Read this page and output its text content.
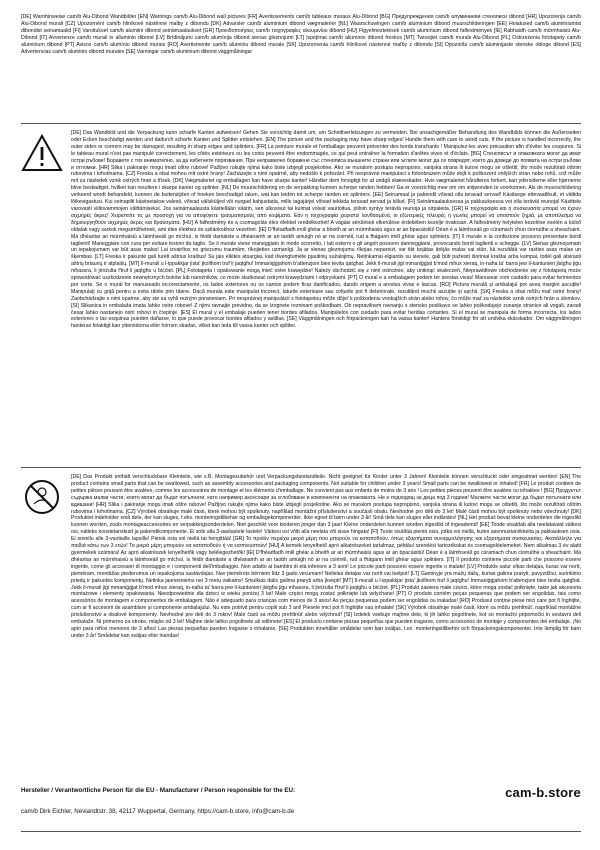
[DE] Warnhinweise cam/b Alu-Dibond Wandbilder [EN] Warnings cam/b Alu-Dibond wall pictures [FR] Avertissements cam/b tableaux muraux Alu-Dibond [BG] Предупреждения cam/b алуминиеви стенописи dibond [HR] Upozorenja cam/b Alu-Dibond murali [CZ] Upozornění cam/b hliníkové nástěnné malby z dibondu [DK] Advarsler cam/b aluminium dibond vægmalerier [NL] Waarschuwingen cam/b aluminium dibond muurschilderingen [EE] Hoiatused cam/b alumiiniumist dibondist seinamaalid [FI] Varoitukset cam/b alumiini dibond seinämaalaukset [GR] Προειδοποιήσεις cam/b τοιχογραφίες αλουμινίου dibond [HU] Figyelmeztetések cam/b alumínium dibond falfestmények [IE] Rabhaidh cam/b múrmhaisiú Alu-Dibond [IT] Avvertenze cam/b murali in alluminio dibond [LV] Brīdinājumi cam/b alumīnija dibond sienas gleznojumi [LT] Įspėjimai cam/b aliuminio dibond freskos [MT] Twissijiet cam/b murals Alu-Dibond [PL] Ostrzeżenia fototapety cam/b aluminium dibond [PT] Avisos cam/b alumínio dibond murais [RO] Avertismente cam/b aluminiu dibond murale [SK] Upozornenia cam/b hliníkové nástenné maľby z dibondu [SI] Opozorila cam/b aluminijaste stenske obloge dibond [ES] Advertencias cam/b aluminio dibond murales [SE] Varningar cam/b aluminium dibond väggmålningar

[DE] Das Wandbild und die Verpackung kann scharfe Kanten aufweisen! Gehen Sie vorsichtig damit um, um Schnittverletzungen zu vermeiden. Bei unsachgemäßer Behandlung des Wandbilds können die Außenseiten oder Ecken beschädigt werden und dadurch scharfe Kanten und Splitter entstehen. [EN] The picture and the packaging may have sharp edges! Handle them with care to avoid cuts. If the picture is handled incorrectly, the outer sides or corners may be damaged, resulting in sharp edges and splinters. [FR] La peinture murale et l'emballage peuvent présenter des bords tranchants ! Manipulez-les avec précaution afin d'éviter les coupures. Si le tableau mural n'est pas manipulé correctement, les côtés extérieurs ou les coins peuvent être endommagés, ce qui peut entraîner la formation d'arêtes vives et d'éclats. [BG] Стенописът и опаковката могат да имат остри ръбове! Боравете с тях внимателно, за да избегнете порязвания. При неправилно боравене със стенописа външните страни или ъглите могат да се повредят, което да доведе до появата на остри ръбове и отломки. [HR] Slika i pakiranje mogu imati oštre rubove! Pažljivo rukujte njima kako biste izbjegli posjekotine. Ako se muralom postupa nepropisno, vanjska strana ili kutovi mogu se oštetiti, što može rezultirati oštrim rubovima i krhotinama. [CZ] Freska a obal mohou mít ostré hrany! Zacházejte s nimi opatrně, aby nedošlo k pořezání. Při nesprávné manipulaci s fotoobrazem může dojít k poškození vnějších stran nebo rohů, což může mít za následek vznik ostrých hran a třísek. [DK] Vægmaleriet og emballagen kan have skarpe kanter! Håndter dem forsigtigt for at undgå skæreskader. Hvis vægmaleriet håndteres forkert, kan ydersiderne eller hjørnerne blive beskadiget, hvilket kan resultere i skarpe kanter og splinter. [NL] De muurschildering en de verpakking kunnen scherpe randen hebben! Ga er voorzichtig mee om om snijwonden te voorkomen. Als de muurschildering verkeerd wordt behandeld, kunnen de buitenzijden of hoeken beschadigd raken, wat kan leiden tot scherpe randen en splinters. [EE] Seinamaal ja pakendil võivad olla teravad servad! Käsitsege ettevaatlikult, et vältida lõikevigastusi. Kui seinapilti käsitsetakse valesti, võivad välisküljed või nurgad kahjustada, mille tagajärjel võivad tekkida teravad servad ja killud. [FI] Seinämaalauksessa ja pakkauksessa voi olla teräviä reunoja! Käsittele varovasti viiltovammojen välttämiseksi. Jos seinämaalausta käsitellään väärin, sen ulkosivut tai kulmat voivat vaurioitua, jolloin syntyy teräviä reunoja ja sirpaleita. [GR] Η τοιχογραφία και η συσκευασία μπορεί να έχουν αιχμηρές άκρες! Χειριστείτε τις με προσοχή για να αποφύγετε τραυματισμούς από κοψίματα. Εάν η τοιχογραφία χειριστεί λανθασμένα, οι εξωτερικές πλευρές ή γωνίες μπορεί να υποστούν ζημιά, με αποτέλεσμα να δημιουργηθούν αιχμηρές άκρες και θραύσματα. [HU] A falfestmény és a csomagolás éles élekkel rendelkezhet! A vágási sérülések elkerülése érdekében kezelje óvatosan. A falfestmény helytelen kezelése esetén a külső oldalak vagy sarkok megsérülhetnek, ami éles élekhez és szilánkokhoz vezethet. [IE] D'fhéadfadh imill ghéar a bheith ar an múrmhaisiú agus ar an bpacáistiú! Déan é a láimhseáil go cúramach chun ciorruithe a sheachaint. Má dhéantar an múrmhaisiú a láimhseáil go míchuí, is féidir damáiste a dhéanamh ar an taobh amuigh nó ar na coirnéil, rud a fhágann imill ghéar agus splinters. [IT] Il murale e la confezione possono presentare bordi taglienti! Maneggiare con cura per evitare lesioni da taglio. Se il murale viene maneggiato in modo scorretto, i lati esterni o gli angoli possono danneggiarsi, provocando bordi taglienti e schegge. [LV] Sienas gleznojumam un iepakojumam var būt asas malas! Lai izvairītos no griezumu traumām, rīkojieties uzmanīgi. Ja ar sienas gleznojumu rīkojas nepareizi, var tikt bojātas ārējās malas vai stūri, kā rezultātā var rasties asas malas un šķembas. [LT] Freska ir pakuotė gali turėti aštrius kraštus! Su jais elkitės atsargiai, kad išvengtumėte pjautinių sužalojimų. Netinkamai elgiantis su sienele, gali būti pažeisti išoriniai kraštai arba kampai, todėl gali atsirasti aštrių briaunų ir atplaišų. [MT] Il-murali u l-ippakkjar jista' jkollhom truf li jaqtgħu! Immaniġġjahom b'attenzjoni biex tevita qatgħat. Jekk il-murali jiġi mmaniġġjat b'mod mhux xieraq, in-naħa ta' barra jew il-kantunieri jistgħu jiġu mħassra, li jirriżulta f'truf li jaqtgħu u biċċiet. [PL] Fototapeta i opakowanie mogą mieć ostre krawędzie! Należy obchodzić się z nimi ostrożnie, aby uniknąć skaleczeń. Nieprawidłowe obchodzenie się z fototapetą może spowodować uszkodzenie zewnętrznych boków lub narożników, co może skutkować ostrymi krawędziami i odpryskami. [PT] O mural e a embalagem podem ter arestas vivas! Manusear com cuidado para evitar ferimentos por corte. Se o mural for manuseado incorrectamente, os lados exteriores ou os cantos podem ficar danificados, dando origem a arestas vivas e lascas. [RO] Pictura murală și ambalajul pot avea margini ascuțite! Manipulați cu grijă pentru a evita rănile prin tăiere. Dacă murala este manipulat incorect, laturile exterioare sau colțurile pot fi deteriorate, rezultând muchii ascuțite și așchii. [SK] Freska a obal môžu mať ostré hrany! Zaobchádzajte s nimi opatrne, aby ste sa vyhli rezným poraneniam. Pri nesprávnej manipulácii s fototapetou môže dôjsť k poškodeniu vonkajších strán alebo rohov, čo môže mať za následok vznik ostrých hrán a úlomkov. [SI] Slikanica in embalaža imata lahko ostre robove! Z njimi ravnajte previdno, da se izognete rezninam poškodbam. Ob nepravilnem ravnanju s stensko poslikavo se lahko poškodujejo zunanje stranice ali vogali, zaradi česar lahko nastanejo ostri robovi in črepinje. [ES] El mural y el embalaje pueden tener bordes afilados. Manipúlelos con cuidado para evitar heridas cortantes. Si el mural se manipula de forma incorrecta, los lados exteriores o las esquinas pueden dañarse, lo que puede provocar bordes afilados y astillas. [SE] Väggmålningen och förpackningen kan ha vassa kanter! Hantera försiktigt för att undvika skärskador. Om väggmålningen hanteras felaktigt kan yttersidorna eller hörnen skadas, vilket kan leda till vassa kanter och splitter.

[DE] Das Produkt enthält verschluckbare Kleinteile, wie z.B. Montagezubehör und Verpackungsbestandteile. Nicht geeignet für Kinder unter 3 Jahren! Kleinteile können verschluckt oder eingeatmet werden! [EN] The product contains small parts that can be swallowed, such as assembly accessories and packaging components. Not suitable for children under 3 years! Small parts can be swallowed or inhaled! [FR] Le produit contient de petites pièces pouvant être avalées, comme les accessoires de montage et les éléments d'emballage. Ne convient pas aux enfants de moins de 3 ans ! Les petites pièces peuvent être avalées ou inhalées ! [BG] Продуктът съдържа малки части, които могат да бъдат погълнати, като например аксесоари за сглобяване и компоненти на опаковката. Не е подходящ за деца под 3 години! Малките части могат да бъдат погълнати или вдишани! [HR] Slika i pakiranje mogu imati oštre rubove! Pažljivo rukujte njima kako biste izbjegli posjekotine. Ako se muralom postupa nepropisno, vanjska strana ili kutovi mogu se oštetiti, što može rezultirati oštrim rubovima i krhotinama. [CZ] Výrobek obsahuje malé části, které mohou být spolknuty, například montážní příslušenství a součásti obalu. Nevhodné pro děti do 3 let! Malé části mohou být spolknuty nebo vdechnuty! [DK] Produktet indeholder små dele, der kan sluges, f.eks. monteringstilbehør og emballagekomponenter. Ikke egnet til børn under 3 år! Små dele kan sluges eller indåndes! [NL] Het product bevat kleine onderdelen die ingeslikt kunnen worden, zoals montageaccessoires en verpakkingsonderdelen. Niet geschikt voor kinderen jonger dan 3 jaar! Kleine onderdelen kunnen worden ingeslikt of ingeademd! [EE] Toode sisaldab alla neelatavaid väikesi osi, näiteks koostetarvikuid ja pakendikomponente. Ei sobi alla 3-aastastele lastele! Väikesi osi võib alla neelata või sisse hingata! [FI] Tuote sisältää pieniä osia, jotka voi niellä, kuten asennustarvikkeita ja pakkauksen osia. Ei sovellu alle 3-vuotiaille lapsille! Pieniä osia voi niellä tai hengittää! [GR] Το προϊόν περιέχει μικρά μέρη που μπορούν να καταποθούν, όπως εξαρτήματα συναρμολόγησης και εξαρτήματα συσκευασίας. Ακατάλληλο για παιδιά κάτω των 3 ετών! Τα μικρά μέρη μπορούν να καταποθούν ή να εισπνευστούν! [HU] A termék lenyelhető apró alkatrészeket tartalmaz, például szerelési tartozékokat és csomagolóelemeket. Nem alkalmas 3 év alatti gyermekek számára! Az apró alkatrészek lenyelhetők vagy belélegezhetők! [IE] D'fhéadfadh imill ghéar a bheith ar an múrmhaisiú agus ar an bpacáistiú! Déan é a láimhseáil go cúramach chun ciorruithe a sheachaint. Má dhéantar an múrmhaisiú a láimhseáil go míchuí, is féidir damáiste a dhéanamh ar an taobh amuigh nó ar na coirnéil, rud a fhágann imill ghéar agus splinters. [IT] Il prodotto contiene piccole parti che possono essere ingerite, come gli accessori di montaggio e i componenti dell'imballaggio. Non adatto ai bambini di età inferiore a 3 anni! Le piccole parti possono essere ingerite o inalate! [LV] Produkts satur sīkas detaļas, kuras var norīt, piemēram, montāžas piederumus un iepakojuma sastāvdaļas. Nav piemērots bērniem līdz 3 gadu vecumam! Nelielas detaļas var norīt vai ieelpot! [LT] Gaminyje yra mažų dalių, kurias galima praryti, pavyzdžiui, surinkimo priedų ir pakuotės komponentų. Netinka jaunesniems nei 3 metų vaikams! Smulkias dalis galima praryti arba įkvėpti! [MT] Il-murali u l-ippakkjar jista' jkollhom truf li jaqtgħu! Immaniġġjahom b'attenzjoni biex tevita qatgħat. Jekk il-murali jiġi mmaniġġjat b'mod mhux xieraq, in-naħa ta' barra jew il-kantunieri jistgħu jiġu mħassra, li jirriżulta f'truf li jaqtgħu u biċċiet. [PL] Produkt zawiera małe części, które mogą zostać połknięte, takie jak akcesoria montażowe i elementy opakowania. Nieodpowiednie dla dzieci w wieku poniżej 3 lat! Małe części mogą zostać połknięte lub wdychane! [PT] O produto contém peças pequenas que podem ser engolidas, tais como acessórios de montagem e componentes de embalagem. Não é adequado para crianças com menos de 3 anos! As peças pequenas podem ser engolidas ou inaladas! [RO] Produsul conține piese mici care pot fi înghițite, cum ar fi accesorii de asamblare și componente ambalajului. Nu este potrivit pentru copiii sub 3 ani! Piesele mici pot fi înghițite sau inhalate! [SK] Výrobok obsahuje malé časti, ktoré sa môžu prehltnúť, napríklad montážne príslušenstvo a obalové komponenty. Nevhodné pre deti do 3 rokov! Malé časti sa môžu prehltnúť alebo vdýchnuť! [SI] Izdelek vsebuje majhne dele, ki jih lahko pogoltnete, kot so montažni pripomočki in sestavni deli embalaže. Ni primerno za otroke, mlajše od 3 let! Majhne dele lahko pogoltnete ali vdihnete! [ES] El producto contiene piezas pequeñas que pueden tragarse, como accesorios de montaje y componentes del embalaje. ¡No apto para niños menores de 3 años! Las piezas pequeñas pueden tragarse o inhalarse. [SE] Produkten innehåller smådelar som kan sväljas, t.ex. monteringstillbehör och förpackningskomponenter. Inte lämplig för barn under 3 år! Smådelar kan sväljas eller inandas!

Hersteller / Verantwortliche Person für die EU - Manufacturer / Person responsible for the EU:

cam/b Dirk Eichler, Neviandtstr. 38, 42117 Wuppertal, Germany, https://cam-b.store, info@cam-b.de

cam-b.store
